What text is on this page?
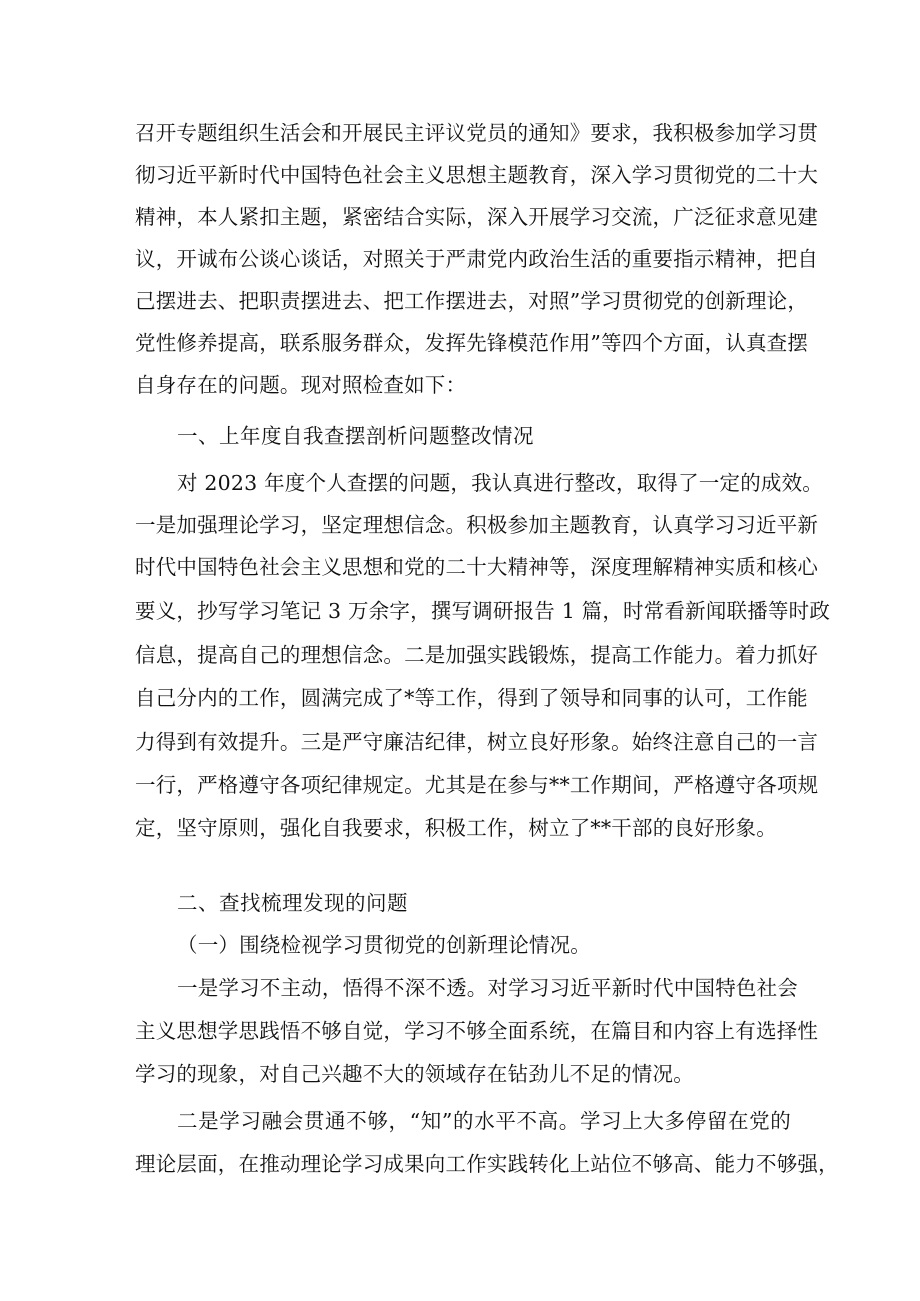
召开专题组织生活会和开展民主评议党员的通知》要求，我积极参加学习贯
彻习近平新时代中国特色社会主义思想主题教育，深入学习贯彻党的二十大
精神，本人紧扣主题，紧密结合实际，深入开展学习交流，广泛征求意见建
议，开诚布公谈心谈话，对照关于严肃党内政治生活的重要指示精神，把自
己摆进去、把职责摆进去、把工作摆进去，对照”学习贯彻党的创新理论，
党性修养提高，联系服务群众，发挥先锋模范作用”等四个方面，认真查摆
自身存在的问题。现对照检查如下：
一、上年度自我查摆剖析问题整改情况
对 2023 年度个人查摆的问题，我认真进行整改，取得了一定的成效。
一是加强理论学习，坚定理想信念。积极参加主题教育，认真学习习近平新
时代中国特色社会主义思想和党的二十大精神等，深度理解精神实质和核心
要义，抄写学习笔记 3 万余字，撰写调研报告 1 篇，时常看新闻联播等时政
信息，提高自己的理想信念。二是加强实践锻炼，提高工作能力。着力抓好
自己分内的工作，圆满完成了*等工作，得到了领导和同事的认可，工作能
力得到有效提升。三是严守廉洁纪律，树立良好形象。始终注意自己的一言
一行，严格遵守各项纪律规定。尤其是在参与**工作期间，严格遵守各项规
定，坚守原则，强化自我要求，积极工作，树立了**干部的良好形象。
二、查找梳理发现的问题
（一）围绕检视学习贯彻党的创新理论情况。
一是学习不主动，悟得不深不透。对学习习近平新时代中国特色社会
主义思想学思践悟不够自觉，学习不够全面系统，在篇目和内容上有选择性
学习的现象，对自己兴趣不大的领域存在钻劲儿不足的情况。
二是学习融会贯通不够，“知”的水平不高。学习上大多停留在党的
理论层面，在推动理论学习成果向工作实践转化上站位不够高、能力不够强，
